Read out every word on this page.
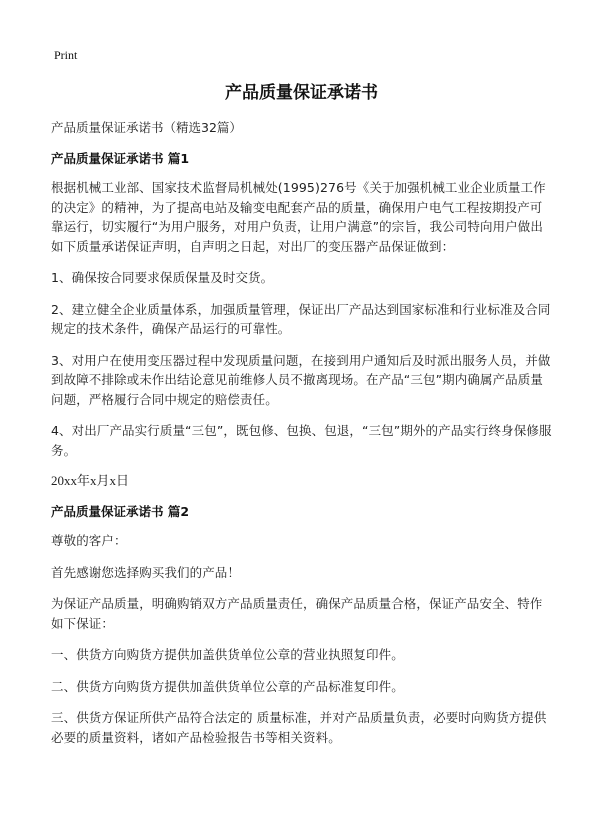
Print
产品质量保证承诺书
产品质量保证承诺书（精选32篇）
产品质量保证承诺书 篇1

根据机械工业部、国家技术监督局机械处(1995)276号《关于加强机械工业企业质量工作的决定》的精神，为了提高电站及输变电配套产品的质量，确保用户电气工程按期投产可靠运行，切实履行“为用户服务，对用户负责，让用户满意”的宗旨，我公司特向用户做出如下质量承诺保证声明，自声明之日起，对出厂的变压器产品保证做到：

1、确保按合同要求保质保量及时交货。

2、建立健全企业质量体系，加强质量管理，保证出厂产品达到国家标准和行业标准及合同规定的技术条件，确保产品运行的可靠性。

3、对用户在使用变压器过程中发现质量问题，在接到用户通知后及时派出服务人员，并做到故障不排除或未作出结论意见前维修人员不撤离现场。在产品“三包”期内确属产品质量问题，严格履行合同中规定的赔偿责任。

4、对出厂产品实行质量“三包”，既包修、包换、包退，“三包”期外的产品实行终身保修服务。

20xx年x月x日
产品质量保证承诺书 篇2

尊敬的客户：

首先感谢您选择购买我们的产品！

为保证产品质量，明确购销双方产品质量责任，确保产品质量合格，保证产品安全、特作如下保证：

一、供货方向购货方提供加盖供货单位公章的营业执照复印件。

二、供货方向购货方提供加盖供货单位公章的产品标准复印件。

三、供货方保证所供产品符合法定的 质量标准，并对产品质量负责，必要时向购货方提供必要的质量资料，诸如产品检验报告书等相关资料。
